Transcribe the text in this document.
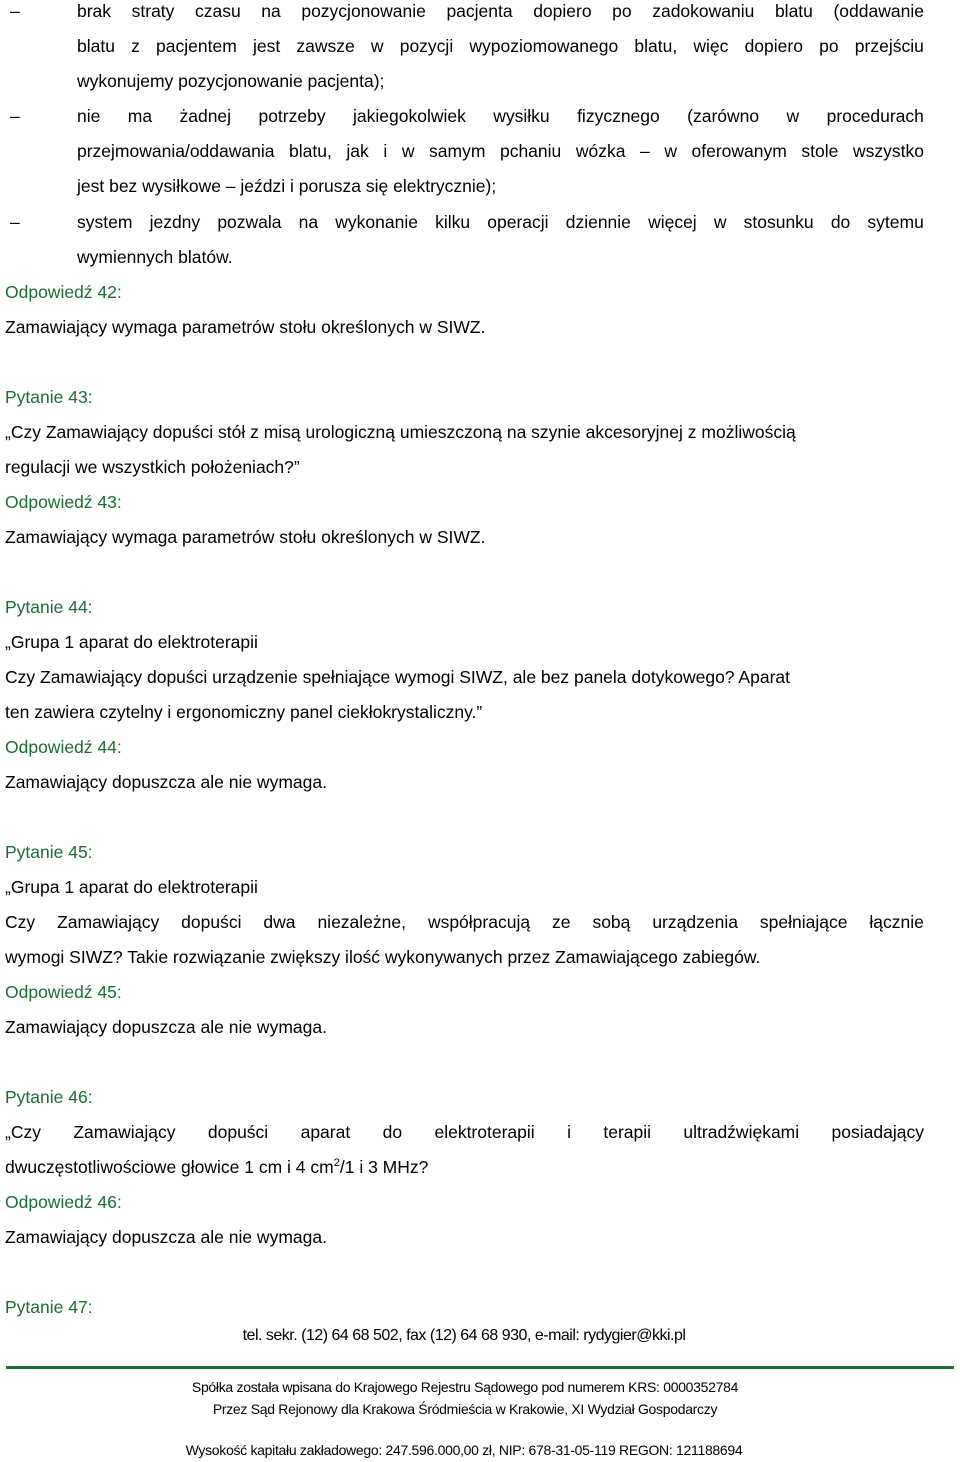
–	brak straty czasu na pozycjonowanie pacjenta dopiero po zadokowaniu blatu (oddawanie
blatu z pacjentem jest zawsze w pozycji wypoziomowanego blatu, więc dopiero po przejściu
wykonujemy pozycjonowanie pacjenta);
–	nie ma żadnej potrzeby jakiegokolwiek wysiłku fizycznego (zarówno w procedurach
przejmowania/oddawania blatu, jak i w samym pchaniu wózka – w oferowanym stole wszystko
jest bez wysiłkowe – jeździ i porusza się elektrycznie);
–	system jezdny pozwala na wykonanie kilku operacji dziennie więcej w stosunku do sytemu
wymiennych blatów.
Odpowiedź 42:
Zamawiający wymaga parametrów stołu określonych w SIWZ.
Pytanie 43:
„Czy Zamawiający dopuści stół z misą urologiczną umieszczoną na szynie akcesoryjnej z możliwością
regulacji we wszystkich położeniach?”
Odpowiedź 43:
Zamawiający wymaga parametrów stołu określonych w SIWZ.
Pytanie 44:
„Grupa 1 aparat do elektroterapii
Czy Zamawiający dopuści urządzenie spełniające wymogi SIWZ, ale bez panela dotykowego? Aparat
ten zawiera czytelny i ergonomiczny panel ciekłokrystaliczny.”
Odpowiedź 44:
Zamawiający dopuszcza ale nie wymaga.
Pytanie 45:
„Grupa 1 aparat do elektroterapii
Czy Zamawiający dopuści dwa niezależne, współpracują ze sobą urządzenia spełniające łącznie
wymogi SIWZ? Takie rozwiązanie zwiększy ilość wykonywanych przez Zamawiającego zabiegów.
Odpowiedź 45:
Zamawiający dopuszcza ale nie wymaga.
Pytanie 46:
„Czy Zamawiający dopuści aparat do elektroterapii i terapii ultradźwiękami posiadający
dwuczęstotliwościowe głowice 1 cm i 4 $cm^2/1$ i 3 MHz?
Odpowiedź 46:
Zamawiający dopuszcza ale nie wymaga.
Pytanie 47:
tel. sekr. (12) 64 68 502, fax (12) 64 68 930, e-mail: rydygier@kki.pl
Spółka została wpisana do Krajowego Rejestru Sądowego pod numerem KRS: 0000352784
Przez Sąd Rejonowy dla Krakowa Śródmieścia w Krakowie, XI Wydział Gospodarczy
Wysokość kapitału zakładowego: 247.596.000,00 zł, NIP: 678-31-05-119 REGON: 121188694
